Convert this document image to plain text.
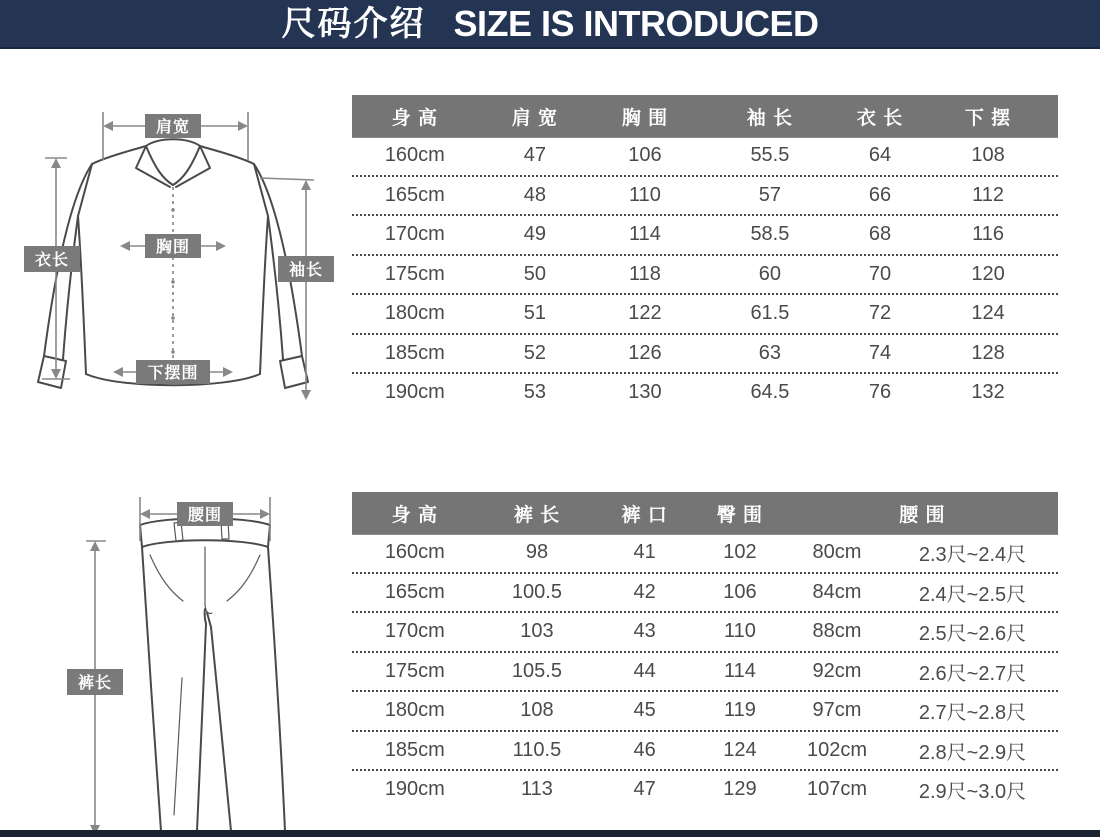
尺码介绍 SIZE IS INTRODUCED
肩宽
胸围
衣长
袖长
下摆围
身 高	肩 宽	胸 围	袖 长	衣 长	下 摆
160cm	47	106	55.5	64	108
165cm	48	110	57	66	112
170cm	49	114	58.5	68	116
175cm	50	118	60	70	120
180cm	51	122	61.5	72	124
185cm	52	126	63	74	128
190cm	53	130	64.5	76	132
腰围
裤长
身 高	裤 长	裤 口	臀 围	腰 围
160cm	98	41	102	80cm	2.3尺~2.4尺
165cm	100.5	42	106	84cm	2.4尺~2.5尺
170cm	103	43	110	88cm	2.5尺~2.6尺
175cm	105.5	44	114	92cm	2.6尺~2.7尺
180cm	108	45	119	97cm	2.7尺~2.8尺
185cm	110.5	46	124	102cm	2.8尺~2.9尺
190cm	113	47	129	107cm	2.9尺~3.0尺
